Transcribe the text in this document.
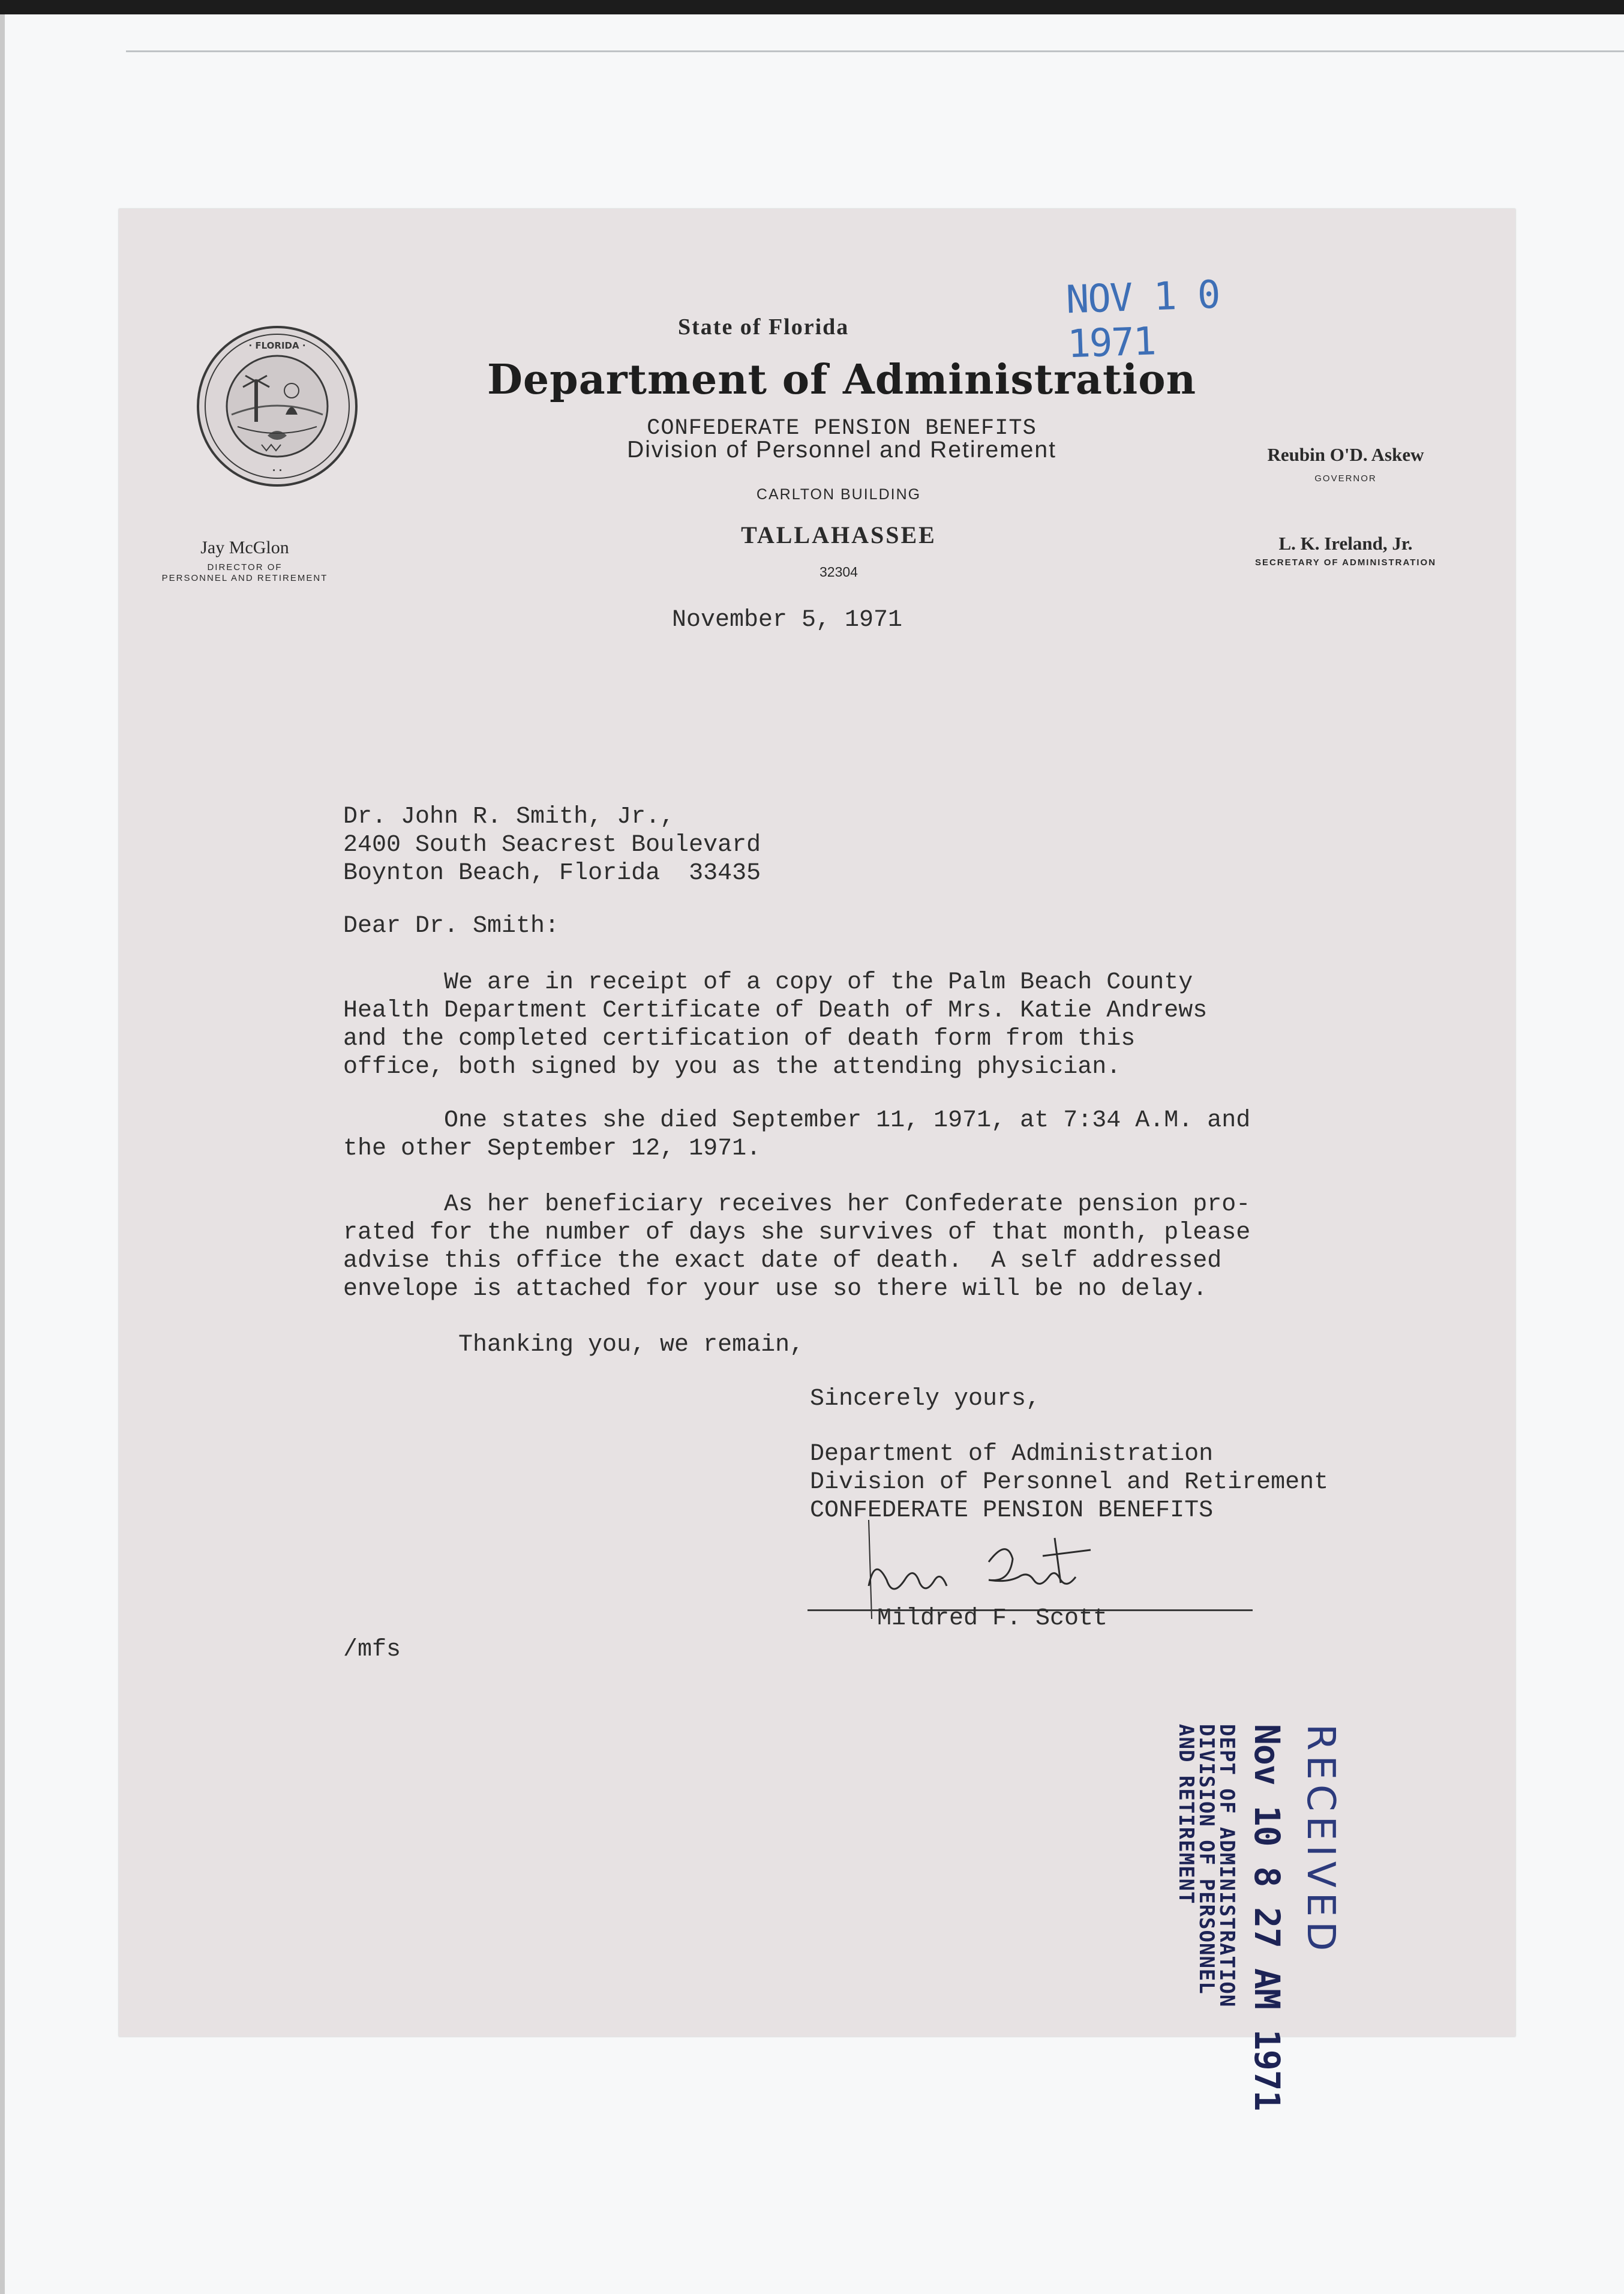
· FLORIDA ·
· ·
NOV 1 0 1971
State of Florida
Department of Administration
CONFEDERATE PENSION BENEFITS
Division of Personnel and Retirement
CARLTON BUILDING
TALLAHASSEE
32304
Jay McGlon
DIRECTOR OF
PERSONNEL AND RETIREMENT
Reubin O'D. Askew
GOVERNOR
L. K. Ireland, Jr.
SECRETARY OF ADMINISTRATION
November 5, 1971
Dr. John R. Smith, Jr.,
2400 South Seacrest Boulevard
Boynton Beach, Florida  33435
Dear Dr. Smith:
We are in receipt of a copy of the Palm Beach County
Health Department Certificate of Death of Mrs. Katie Andrews
and the completed certification of death form from this
office, both signed by you as the attending physician.
One states she died September 11, 1971, at 7:34 A.M. and
the other September 12, 1971.
As her beneficiary receives her Confederate pension pro-
rated for the number of days she survives of that month, please
advise this office the exact date of death.  A self addressed
envelope is attached for your use so there will be no delay.
Thanking you, we remain,
Sincerely yours,
Department of Administration
Division of Personnel and Retirement
CONFEDERATE PENSION BENEFITS
Mildred F. Scott
/mfs
RECEIVED
Nov 10 8 27 AM 1971
DEPT OF ADMINISTRATION
DIVISION OF PERSONNEL
AND RETIREMENT
